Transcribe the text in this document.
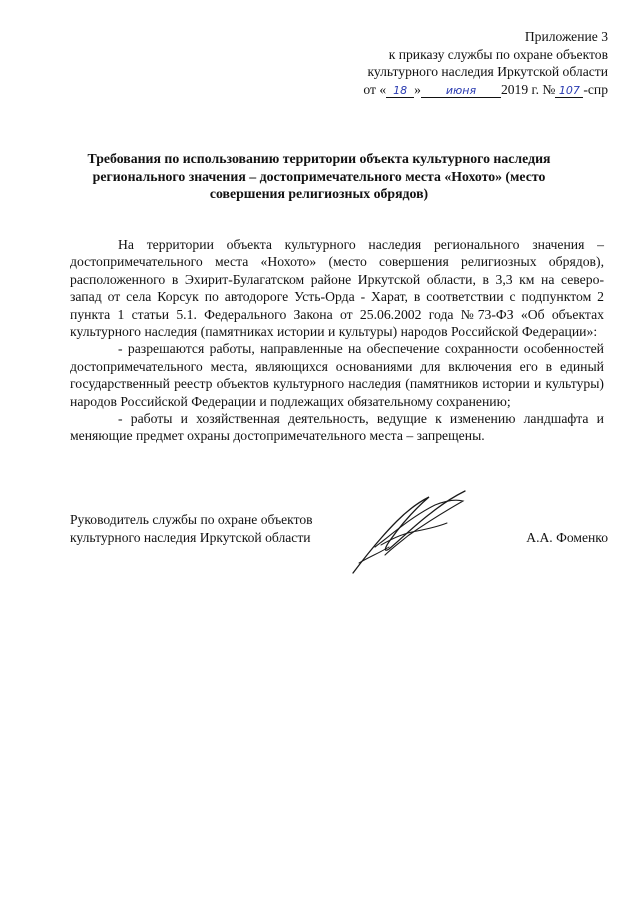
Приложение 3
к приказу службы по охране объектов
культурного наследия Иркутской области
от « 18 » июня 2019 г. № 107 -спр
Требования по использованию территории объекта культурного наследия
регионального значения – достопримечательного места «Нохото» (место
совершения религиозных обрядов)

На территории объекта культурного наследия регионального значения – достопримечательного места «Нохото» (место совершения религиозных обрядов), расположенного в Эхирит-Булагатском районе Иркутской области, в 3,3 км на северо-запад от села Корсук по автодороге Усть-Орда - Харат, в соответствии с подпунктом 2 пункта 1 статьи 5.1. Федерального Закона от 25.06.2002 года №73-ФЗ «Об объектах культурного наследия (памятниках истории и культуры) народов Российской Федерации»:

- разрешаются работы, направленные на обеспечение сохранности особенностей достопримечательного места, являющихся основаниями для включения его в единый государственный реестр объектов культурного наследия (памятников истории и культуры) народов Российской Федерации и подлежащих обязательному сохранению;

- работы и хозяйственная деятельность, ведущие к изменению ландшафта и меняющие предмет охраны достопримечательного места – запрещены.

Руководитель службы по охране объектов
культурного наследия Иркутской области	А.А. Фоменко
